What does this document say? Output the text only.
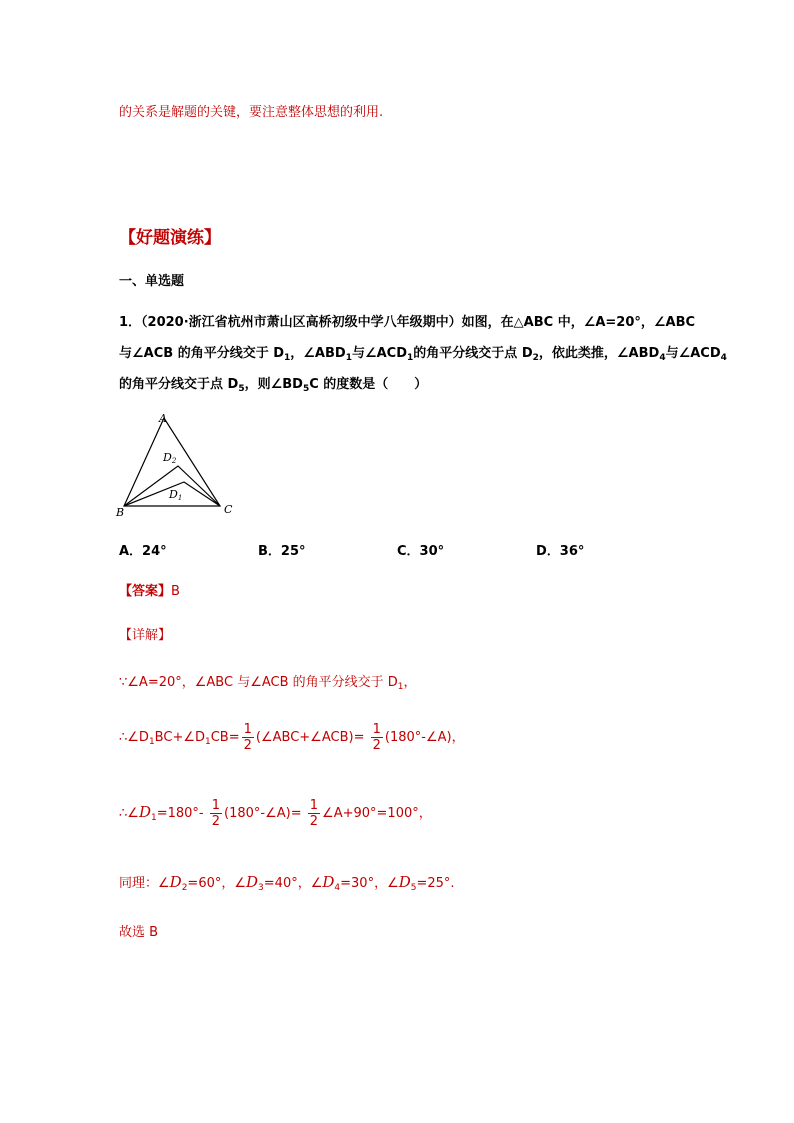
的关系是解题的关键，要注意整体思想的利用.
【好题演练】
一、单选题
1．（2020·浙江省杭州市萧山区高桥初级中学八年级期中）如图，在△ABC 中，∠A=20°，∠ABC
与∠ACB 的角平分线交于 $D_1$，$\angle ABD_1$与$\angle ACD_1$的角平分线交于点 $D_2$，依此类推，$\angle ABD_4$与$\angle ACD_4$
的角平分线交于点 $D_5$，则$\angle BD_5C$ 的度数是（　　）
A
B	C
D2
D1
A．24°	B．25°	C．30°	D．36°
【答案】B
【详解】
∵∠A=20°，∠ABC 与∠ACB 的角平分线交于 $D_1$，
$\therefore\angle D_1BC+\angle D_1CB= \frac{1}{2}$ (∠ABC+∠ACB)= $\frac{1}{2}$ (180°-∠A)，
$\therefore\angle D_1=180^\circ- \frac{1}{2}$ (180°-∠A)= $\frac{1}{2}$ ∠A+90°=100°，
同理：$\angle D_2=60^\circ$，$\angle D_3=40^\circ$，$\angle D_4=30^\circ$，$\angle D_5=25^\circ$.
故选 B
